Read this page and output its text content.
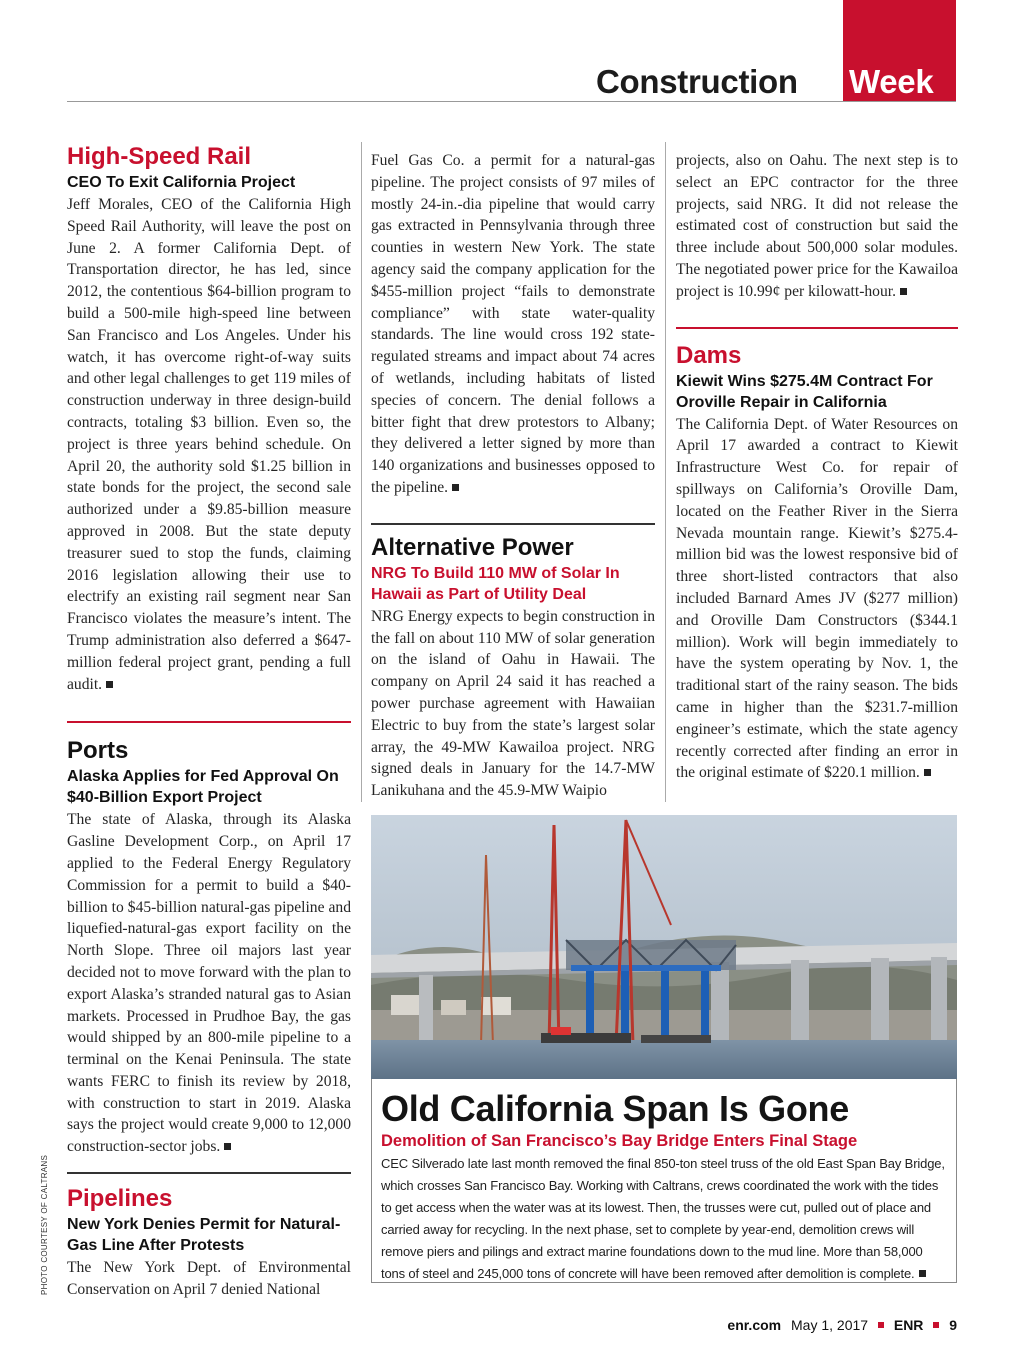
Construction Week
High-Speed Rail
CEO To Exit California Project

Jeff Morales, CEO of the California High Speed Rail Authority, will leave the post on June 2. A former California Dept. of Transportation director, he has led, since 2012, the contentious $64-billion program to build a 500-mile high-speed line between San Francisco and Los Angeles. Under his watch, it has overcome right-of-way suits and other legal challenges to get 119 miles of construction underway in three design-build contracts, totaling $3 billion. Even so, the project is three years behind schedule. On April 20, the authority sold $1.25 billion in state bonds for the project, the second sale authorized under a $9.85-billion measure approved in 2008. But the state deputy treasurer sued to stop the funds, claiming 2016 legislation allowing their use to electrify an existing rail segment near San Francisco violates the measure’s intent. The Trump administration also deferred a $647-million federal project grant, pending a full audit.

Ports
Alaska Applies for Fed Approval On $40-Billion Export Project

The state of Alaska, through its Alaska Gasline Development Corp., on April 17 applied to the Federal Energy Regulatory Commission for a permit to build a $40-billion to $45-billion natural-gas pipeline and liquefied-natural-gas export facility on the North Slope. Three oil majors last year decided not to move forward with the plan to export Alaska’s stranded natural gas to Asian markets. Processed in Prudhoe Bay, the gas would shipped by an 800-mile pipeline to a terminal on the Kenai Peninsula. The state wants FERC to finish its review by 2018, with construction to start in 2019. Alaska says the project would create 9,000 to 12,000 construction-sector jobs.

Pipelines
New York Denies Permit for Natural-Gas Line After Protests

The New York Dept. of Environmental Conservation on April 7 denied National

Fuel Gas Co. a permit for a natural-gas pipeline. The project consists of 97 miles of mostly 24-in.-dia pipeline that would carry gas extracted in Pennsylvania through three counties in western New York. The state agency said the company application for the $455-million project “fails to demonstrate compliance” with state water-quality standards. The line would cross 192 state-regulated streams and impact about 74 acres of wetlands, including habitats of listed species of concern. The denial follows a bitter fight that drew protestors to Albany; they delivered a letter signed by more than 140 organizations and businesses opposed to the pipeline.

Alternative Power
NRG To Build 110 MW of Solar In Hawaii as Part of Utility Deal

NRG Energy expects to begin construction in the fall on about 110 MW of solar generation on the island of Oahu in Hawaii. The company on April 24 said it has reached a power purchase agreement with Hawaiian Electric to buy from the state’s largest solar array, the 49-MW Kawailoa project. NRG signed deals in January for the 14.7-MW Lanikuhana and the 45.9-MW Waipio

projects, also on Oahu. The next step is to select an EPC contractor for the three projects, said NRG. It did not release the estimated cost of construction but said the three include about 500,000 solar modules. The negotiated power price for the Kawailoa project is 10.99¢ per kilowatt-hour.

Dams
Kiewit Wins $275.4M Contract For Oroville Repair in California

The California Dept. of Water Resources on April 17 awarded a contract to Kiewit Infrastructure West Co. for repair of spillways on California’s Oroville Dam, located on the Feather River in the Sierra Nevada mountain range. Kiewit’s $275.4-million bid was the lowest responsive bid of three short-listed contractors that also included Barnard Ames JV ($277 million) and Oroville Dam Constructors ($344.1 million). Work will begin immediately to have the system operating by Nov. 1, the traditional start of the rainy season. The bids came in higher than the $231.7-million engineer’s estimate, which the state agency recently corrected after finding an error in the original estimate of $220.1 million.

Old California Span Is Gone
Demolition of San Francisco’s Bay Bridge Enters Final Stage

CEC Silverado late last month removed the final 850-ton steel truss of the old East Span Bay Bridge, which crosses San Francisco Bay. Working with Caltrans, crews coordinated the work with the tides to get access when the water was at its lowest. Then, the trusses were cut, pulled out of place and carried away for recycling. In the next phase, set to complete by year-end, demolition crews will remove piers and pilings and extract marine foundations down to the mud line. More than 58,000 tons of steel and 245,000 tons of concrete will have been removed after demolition is complete.

PHOTO COURTESY OF CALTRANS
enr.com May 1, 2017 ENR 9
